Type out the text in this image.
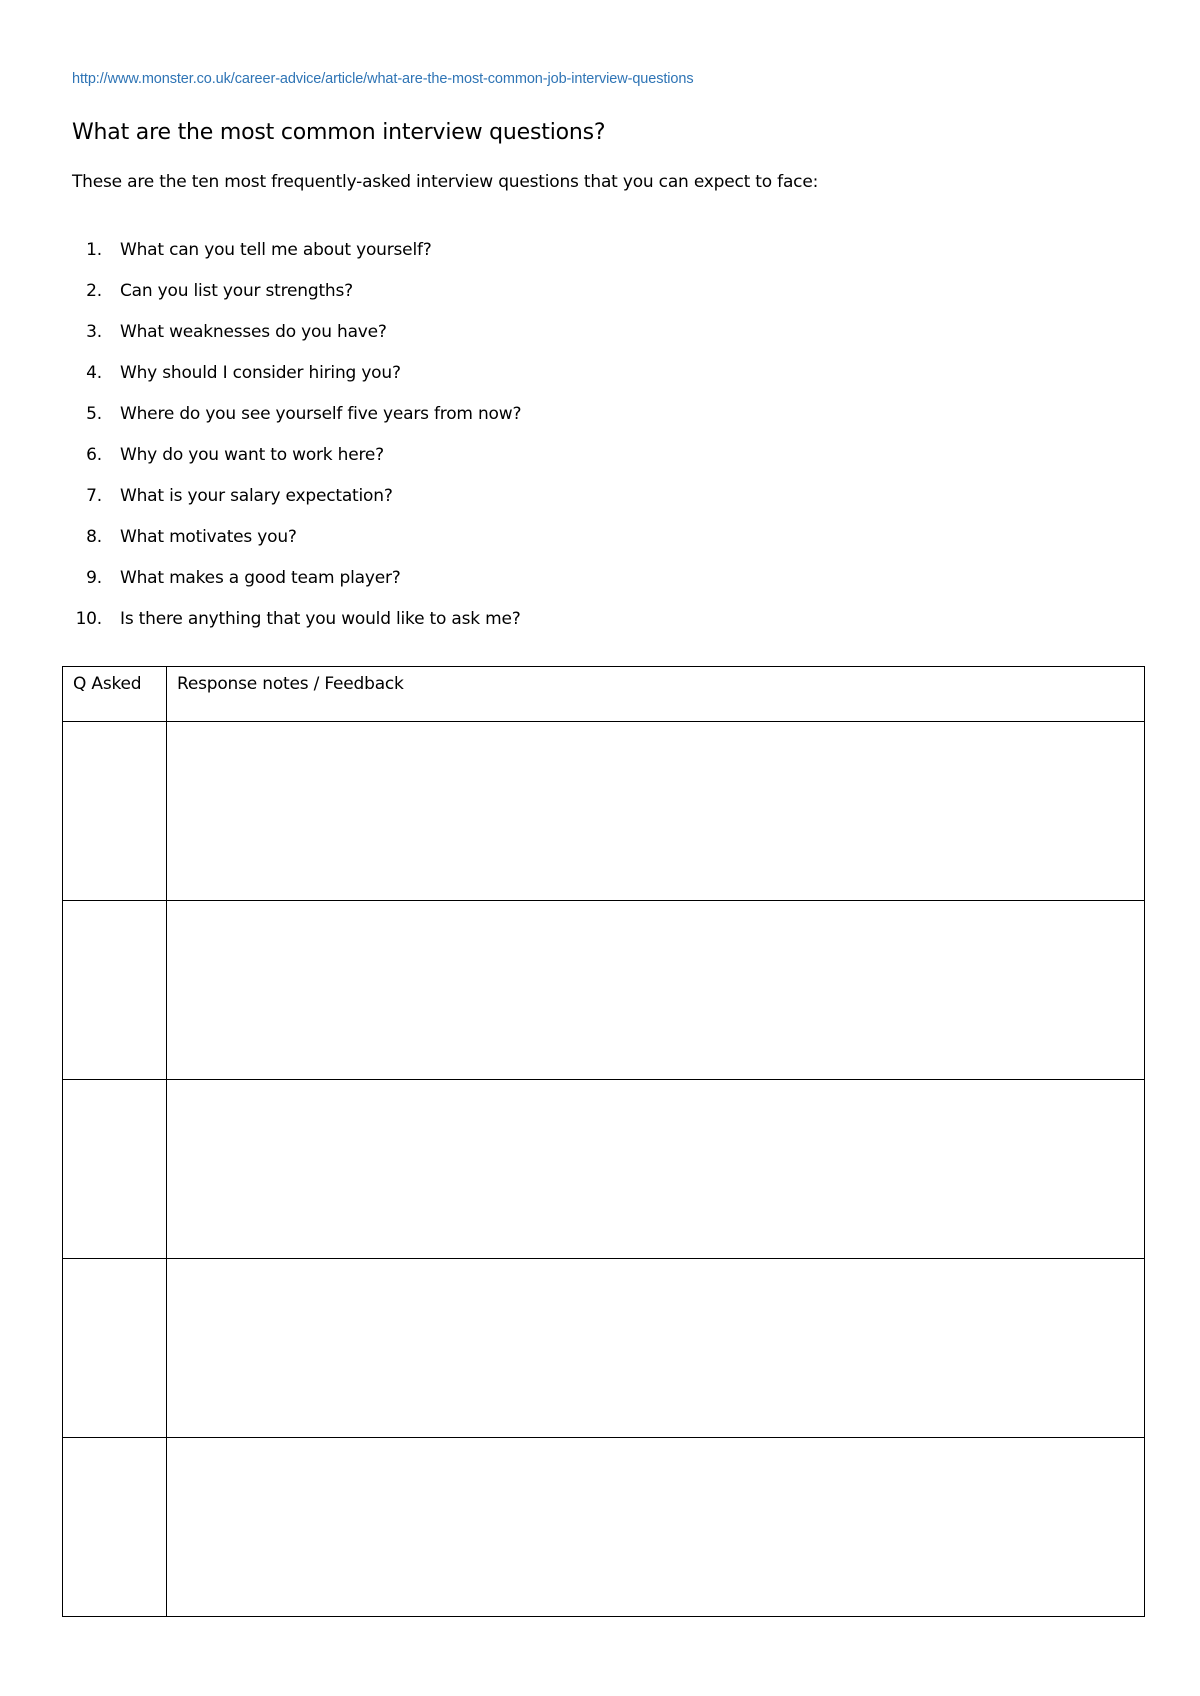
http://www.monster.co.uk/career-advice/article/what-are-the-most-common-job-interview-questions
What are the most common interview questions?

These are the ten most frequently-asked interview questions that you can expect to face:

1. What can you tell me about yourself?
2. Can you list your strengths?
3. What weaknesses do you have?
4. Why should I consider hiring you?
5. Where do you see yourself five years from now?
6. Why do you want to work here?
7. What is your salary expectation?
8. What motivates you?
9. What makes a good team player?
10. Is there anything that you would like to ask me?
Q Asked	Response notes / Feedback
